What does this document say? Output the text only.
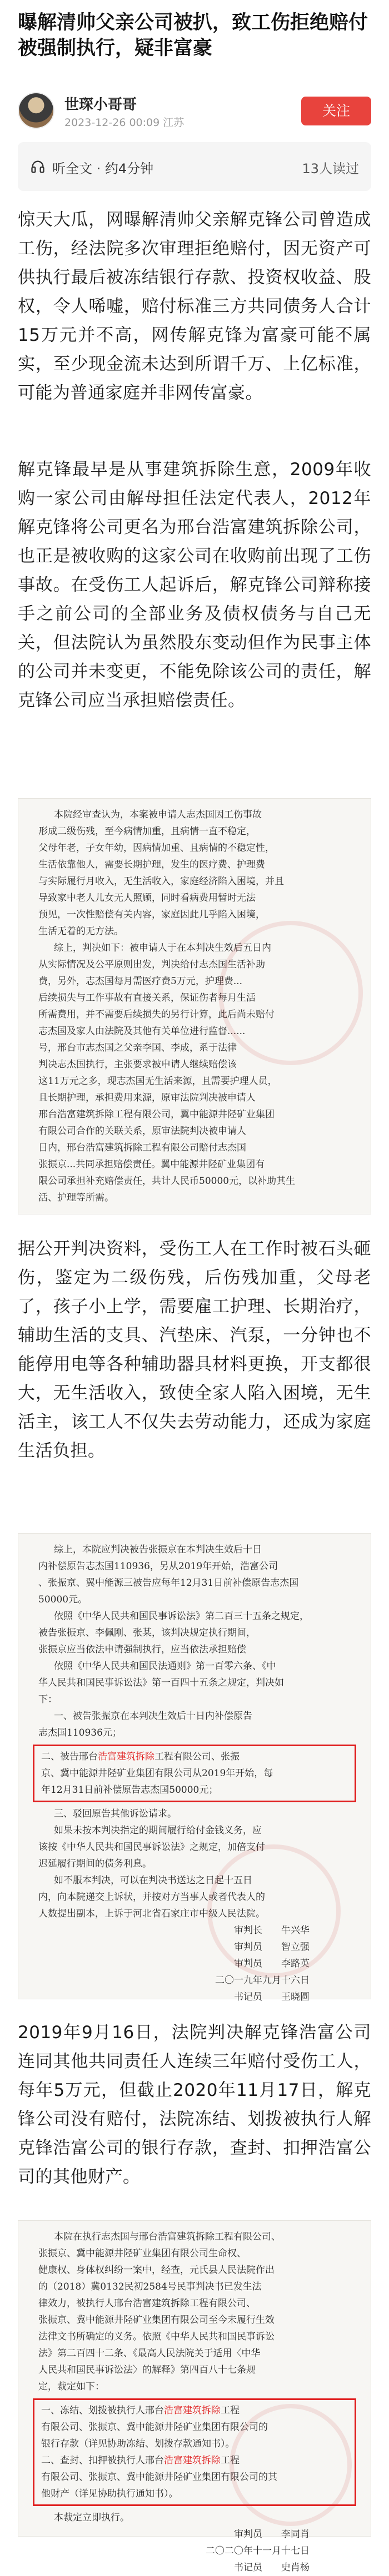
曝解清帅父亲公司被扒，致工伤拒绝赔付被强制执行，疑非富豪
世琛小哥哥
2023-12-26 00:09 江苏
关注
听全文 · 约4分钟	13人读过

惊天大瓜，网曝解清帅父亲解克锋公司曾造成工伤，经法院多次审理拒绝赔付，因无资产可供执行最后被冻结银行存款、投资权收益、股权，令人唏嘘，赔付标准三方共同债务人合计15万元并不高，网传解克锋为富豪可能不属实，至少现金流未达到所谓千万、上亿标准，可能为普通家庭并非网传富豪。

解克锋最早是从事建筑拆除生意，2009年收购一家公司由解母担任法定代表人，2012年解克锋将公司更名为邢台浩富建筑拆除公司，也正是被收购的这家公司在收购前出现了工伤事故。在受伤工人起诉后，解克锋公司辩称接手之前公司的全部业务及债权债务与自己无关，但法院认为虽然股东变动但作为民事主体的公司并未变更，不能免除该公司的责任，解克锋公司应当承担赔偿责任。

本院经审查认为，本案被申请人志杰国因工伤事故
形成二级伤残，至今病情加重，且病情一直不稳定，
父母年老，子女年幼，因病情加重、且病情的不稳定性，
生活依靠他人，需要长期护理，发生的医疗费、护理费
与实际履行月收入，无生活收入，家庭经济陷入困境，并且
导致家中老人儿女无人照顾，同时看病费用暂时无法
预见，一次性赔偿有关内容，家庭因此几乎陷入困境，
生活无着的无方法。
综上，判决如下：被申请人于在本判决生效后五日内
从实际情况及公平原则出发，判决给付志杰国生活补助
费，另外，志杰国每月需医疗费5万元，护理费...
后续损失与工作事故有直接关系，保证伤者每月生活
所需费用，并不需要后续损失的另行计算，此后尚未赔付
志杰国及家人由法院及其他有关单位进行监督......
号，邢台市志杰国之父亲李国、李成，系于法律
判决志杰国执行，主张要求被申请人继续赔偿该
这11万元之多，现志杰国无生活来源，且需要护理人员，
且长期护理，承担费用来源，原审法院判决被申请人
邢台浩富建筑拆除工程有限公司，翼中能源井陉矿业集团
有限公司合作的关联关系，原审法院判决被申请人
日内，邢台浩富建筑拆除工程有限公司赔付志杰国
张振京...共同承担赔偿责任。翼中能源井陉矿业集团有
限公司承担补充赔偿责任，共计人民币50000元，以补助其生
活、护理等所需。

据公开判决资料，受伤工人在工作时被石头砸伤，鉴定为二级伤残，后伤残加重，父母老了，孩子小上学，需要雇工护理、长期治疗，辅助生活的支具、汽垫床、汽泵，一分钟也不能停用电等各种辅助器具材料更换，开支都很大，无生活收入，致使全家人陷入困境，无生活主，该工人不仅失去劳动能力，还成为家庭生活负担。

综上，本院应判决被告张振京在本判决生效后十日
内补偿原告志杰国110936，另从2019年开始，浩富公司
、张振京、翼中能源三被告应每年12月31日前补偿原告志杰国
50000元。
依照《中华人民共和国民事诉讼法》第二百三十五条之规定，
被告张振京、李佩刚、张某，该判决规定执行期间，
张振京应当依法申请强制执行，应当依法承担赔偿
依照《中华人民共和国民法通则》第一百零六条、《中
华人民共和国民事诉讼法》第一百四十五条之规定，判决如
下：
一、被告张振京在本判决生效后十日内补偿原告
志杰国110936元；
二、被告邢台浩富建筑拆除工程有限公司、张振
京、冀中能源井陉矿业集团有限公司从2019年开始，每
年12月31日前补偿原告志杰国50000元；
三、驳回原告其他诉讼请求。
如果未按本判决指定的期间履行给付金钱义务，应
该按《中华人民共和国民事诉讼法》之规定，加倍支付
迟延履行期间的债务利息。
如不服本判决，可以在判决书送达之日起十五日
内，向本院递交上诉状，并按对方当事人或者代表人的
人数提出副本，上诉于河北省石家庄市中级人民法院。
审判长　　牛兴华
审判员　　智立强
审判员　　李路英
二〇一九年九月十六日
书记员　　王晓圆

2019年9月16日，法院判决解克锋浩富公司连同其他共同责任人连续三年赔付受伤工人，每年5万元，但截止2020年11月17日，解克锋公司没有赔付，法院冻结、划拨被执行人解克锋浩富公司的银行存款，查封、扣押浩富公司的其他财产。

本院在执行志杰国与邢台浩富建筑拆除工程有限公司、
张振京、冀中能源井陉矿业集团有限公司生命权、
健康权、身体权纠纷一案中，经查，元氏县人民法院作出
的（2018）冀0132民初2584号民事判决书已发生法
律效力，被执行人邢台浩富建筑拆除工程有限公司、
张振京、冀中能源井陉矿业集团有限公司至今未履行生效
法律文书所确定的义务。依照《中华人民共和国民事诉讼
法》第二百四十二条、《最高人民法院关于适用〈中华
人民共和国民事诉讼法〉的解释》第四百八十七条规
定，裁定如下：
一、冻结、划拨被执行人邢台浩富建筑拆除工程
有限公司、张振京、冀中能源井陉矿业集团有限公司的
银行存款（详见协助冻结、划拨存款通知书）。
二、查封、扣押被执行人邢台浩富建筑拆除工程
有限公司、张振京、冀中能源井陉矿业集团有限公司的其
他财产（详见协助执行通知书）。
本裁定立即执行。
审判员　　李同肖
二〇二〇年十一月十七日
书记员　　史肖杨
